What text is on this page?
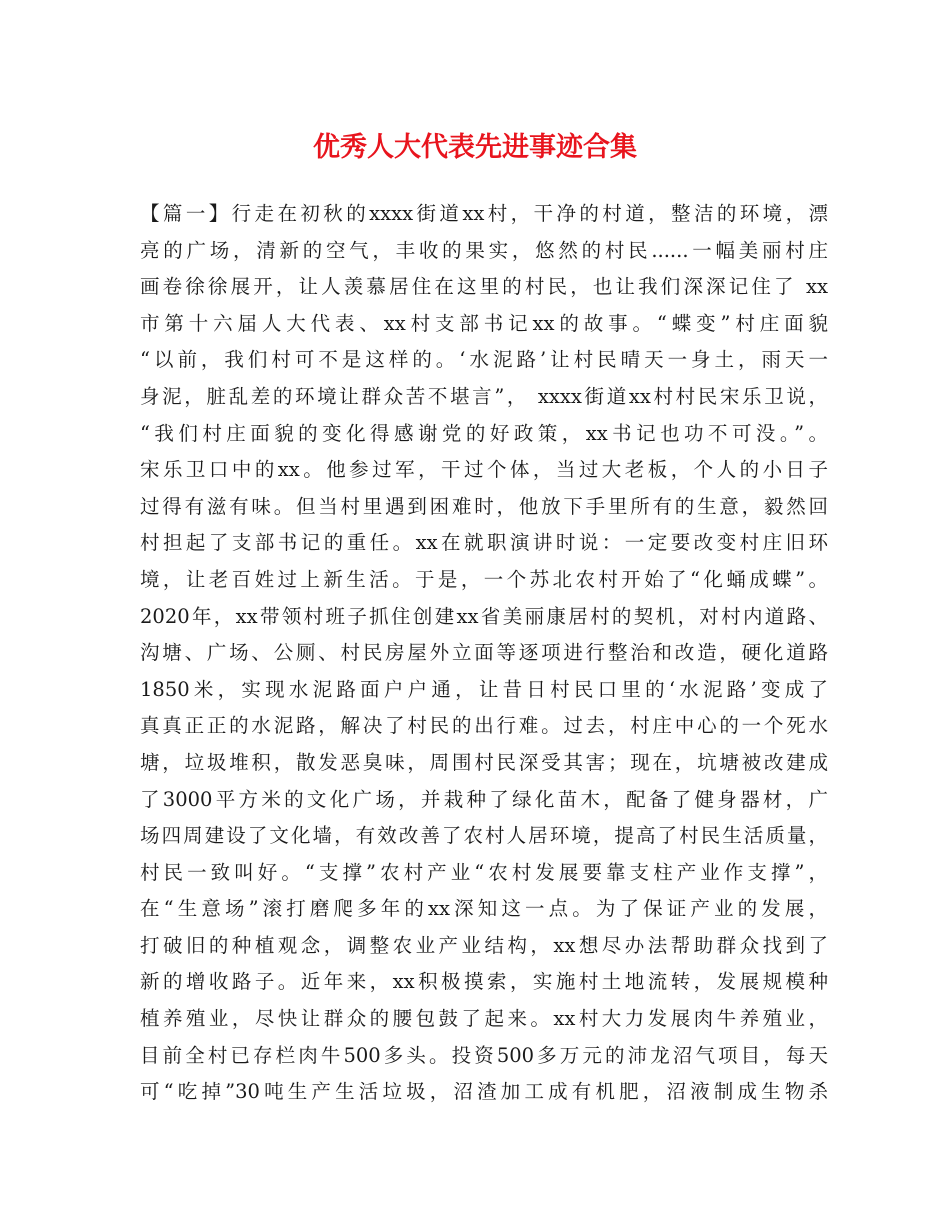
优秀人大代表先进事迹合集
【篇一】行走在初秋的xxxx街道xx村，干净的村道，整洁的环境，漂
亮的广场，清新的空气，丰收的果实，悠然的村民......一幅美丽村庄
画卷徐徐展开，让人羡慕居住在这里的村民，也让我们深深记住了 xx
市第十六届人大代表、xx村支部书记xx的故事。“蝶变”村庄面貌
“以前，我们村可不是这样的。‘水泥路’让村民晴天一身土，雨天一
身泥，脏乱差的环境让群众苦不堪言”， xxxx街道xx村村民宋乐卫说，
“我们村庄面貌的变化得感谢党的好政策，xx书记也功不可没。”。
宋乐卫口中的xx。他参过军，干过个体，当过大老板，个人的小日子
过得有滋有味。但当村里遇到困难时，他放下手里所有的生意，毅然回
村担起了支部书记的重任。xx在就职演讲时说：一定要改变村庄旧环
境，让老百姓过上新生活。于是，一个苏北农村开始了“化蛹成蝶”。
2020年，xx带领村班子抓住创建xx省美丽康居村的契机，对村内道路、
沟塘、广场、公厕、村民房屋外立面等逐项进行整治和改造，硬化道路
1850米，实现水泥路面户户通，让昔日村民口里的‘水泥路’变成了
真真正正的水泥路，解决了村民的出行难。过去，村庄中心的一个死水
塘，垃圾堆积，散发恶臭味，周围村民深受其害；现在，坑塘被改建成
了3000平方米的文化广场，并栽种了绿化苗木，配备了健身器材，广
场四周建设了文化墙，有效改善了农村人居环境，提高了村民生活质量，
村民一致叫好。“支撑”农村产业“农村发展要靠支柱产业作支撑”，
在“生意场”滚打磨爬多年的xx深知这一点。为了保证产业的发展，
打破旧的种植观念，调整农业产业结构，xx想尽办法帮助群众找到了
新的增收路子。近年来，xx积极摸索，实施村土地流转，发展规模种
植养殖业，尽快让群众的腰包鼓了起来。xx村大力发展肉牛养殖业，
目前全村已存栏肉牛500多头。投资500多万元的沛龙沼气项目，每天
可“吃掉”30吨生产生活垃圾，沼渣加工成有机肥，沼液制成生物杀
